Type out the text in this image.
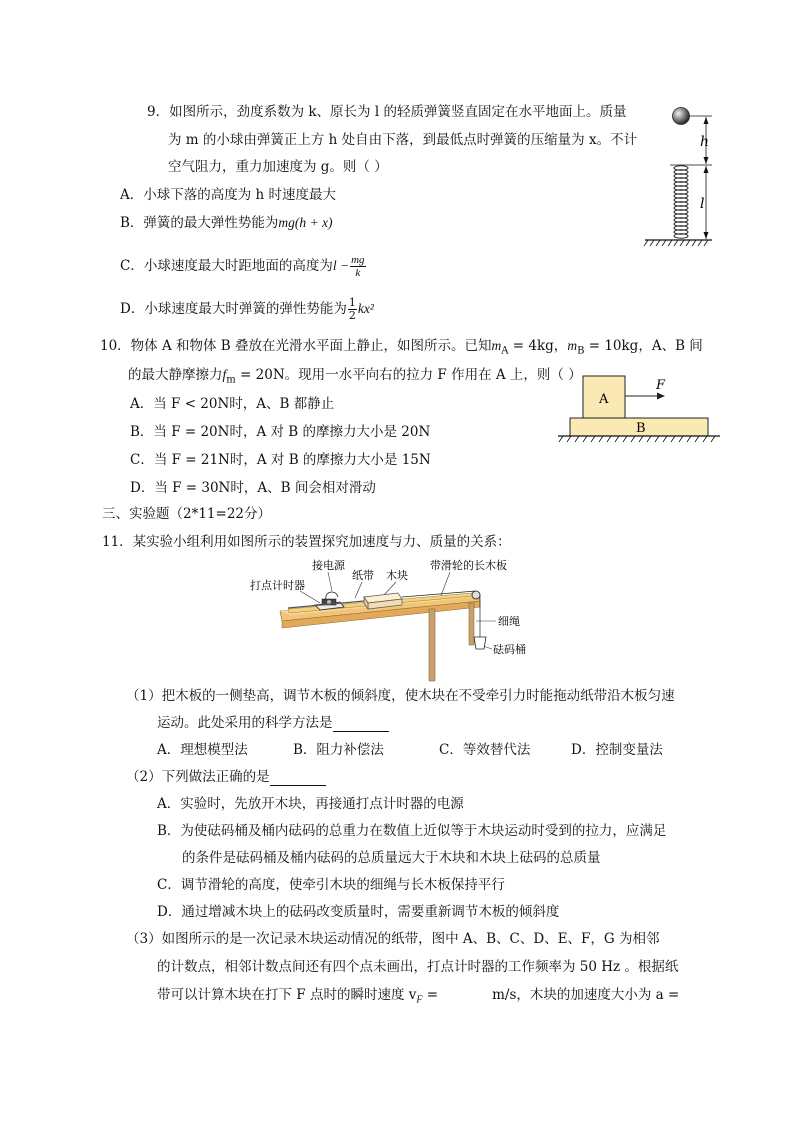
9．如图所示，劲度系数为 k、原长为 l 的轻质弹簧竖直固定在水平地面上。质量
为 m 的小球由弹簧正上方 h 处自由下落，到最低点时弹簧的压缩量为 x。不计
空气阻力，重力加速度为 g。则（ ）
A．小球下落的高度为 h 时速度最大
B．弹簧的最大弹性势能为mg(h + x)
C．小球速度最大时距地面的高度为$l - \frac{mg}{k}$
D．小球速度最大时弹簧的弹性势能为 $\frac{1}{2} kx^2$
h
l
10．物体 A 和物体 B 叠放在光滑水平面上静止，如图所示。已知$m_A = 4kg$，$m_B = 10kg$，A、B 间
的最大静摩擦力$f_m = 20N$。现用一水平向右的拉力 F 作用在 A 上，则（ ）
A．当 F < 20N时，A、B 都静止
B．当 F = 20N时，A 对 B 的摩擦力大小是 20N
C．当 F = 21N时，A 对 B 的摩擦力大小是 15N
D．当 F = 30N时，A、B 间会相对滑动
A
F
B
三、实验题（2*11=22分）
11．某实验小组利用如图所示的装置探究加速度与力、质量的关系：
接电源
纸带 木块
带滑轮的长木板
打点计时器
细绳
砝码桶
（1）把木板的一侧垫高，调节木板的倾斜度，使木块在不受牵引力时能拖动纸带沿木板匀速
运动。此处采用的科学方法是
A．理想模型法	B．阻力补偿法	C．等效替代法	D．控制变量法
（2）下列做法正确的是
A．实验时，先放开木块，再接通打点计时器的电源
B．为使砝码桶及桶内砝码的总重力在数值上近似等于木块运动时受到的拉力，应满足
的条件是砝码桶及桶内砝码的总质量远大于木块和木块上砝码的总质量
C．调节滑轮的高度，使牵引木块的细绳与长木板保持平行
D．通过增减木块上的砝码改变质量时，需要重新调节木板的倾斜度
（3）如图所示的是一次记录木块运动情况的纸带，图中 A、B、C、D、E、F，G 为相邻
的计数点，相邻计数点间还有四个点未画出，打点计时器的工作频率为 50 Hz 。根据纸
带可以计算木块在打下 F 点时的瞬时速度 $v_F$ =	m/s，木块的加速度大小为 a =
